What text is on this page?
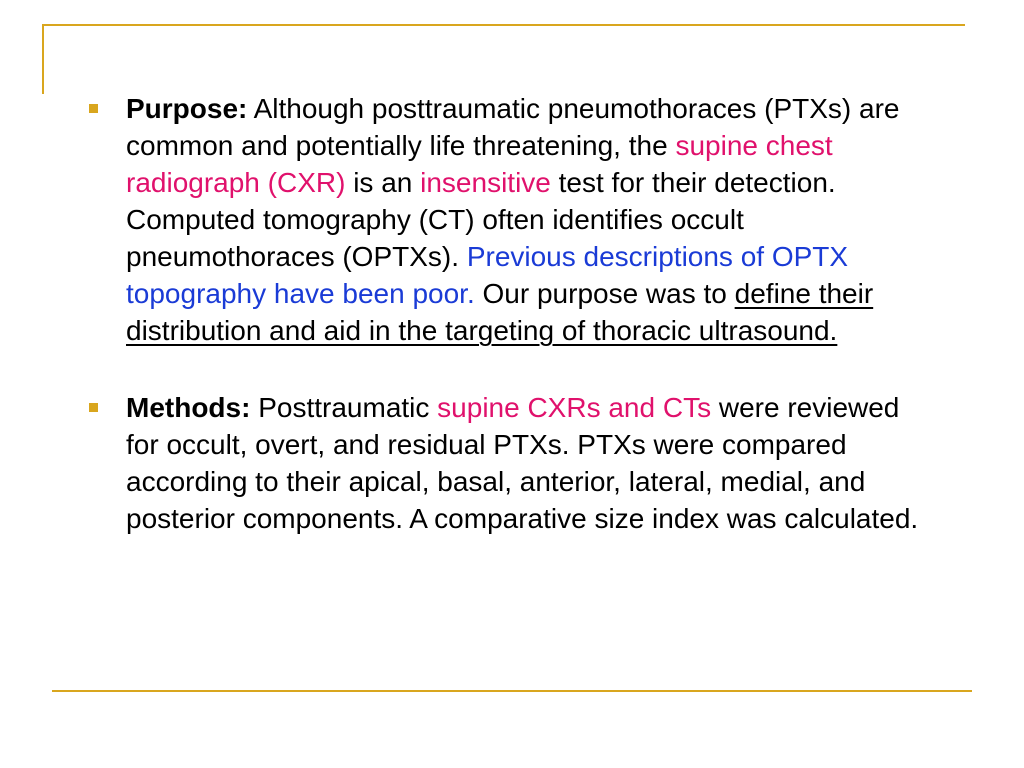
Purpose: Although posttraumatic pneumothoraces (PTXs) are common and potentially life threatening, the supine chest radiograph (CXR) is an insensitive test for their detection. Computed tomography (CT) often identifies occult pneumothoraces (OPTXs). Previous descriptions of OPTX topography have been poor. Our purpose was to define their distribution and aid in the targeting of thoracic ultrasound.
Methods: Posttraumatic supine CXRs and CTs were reviewed for occult, overt, and residual PTXs. PTXs were compared according to their apical, basal, anterior, lateral, medial, and posterior components. A comparative size index was calculated.
